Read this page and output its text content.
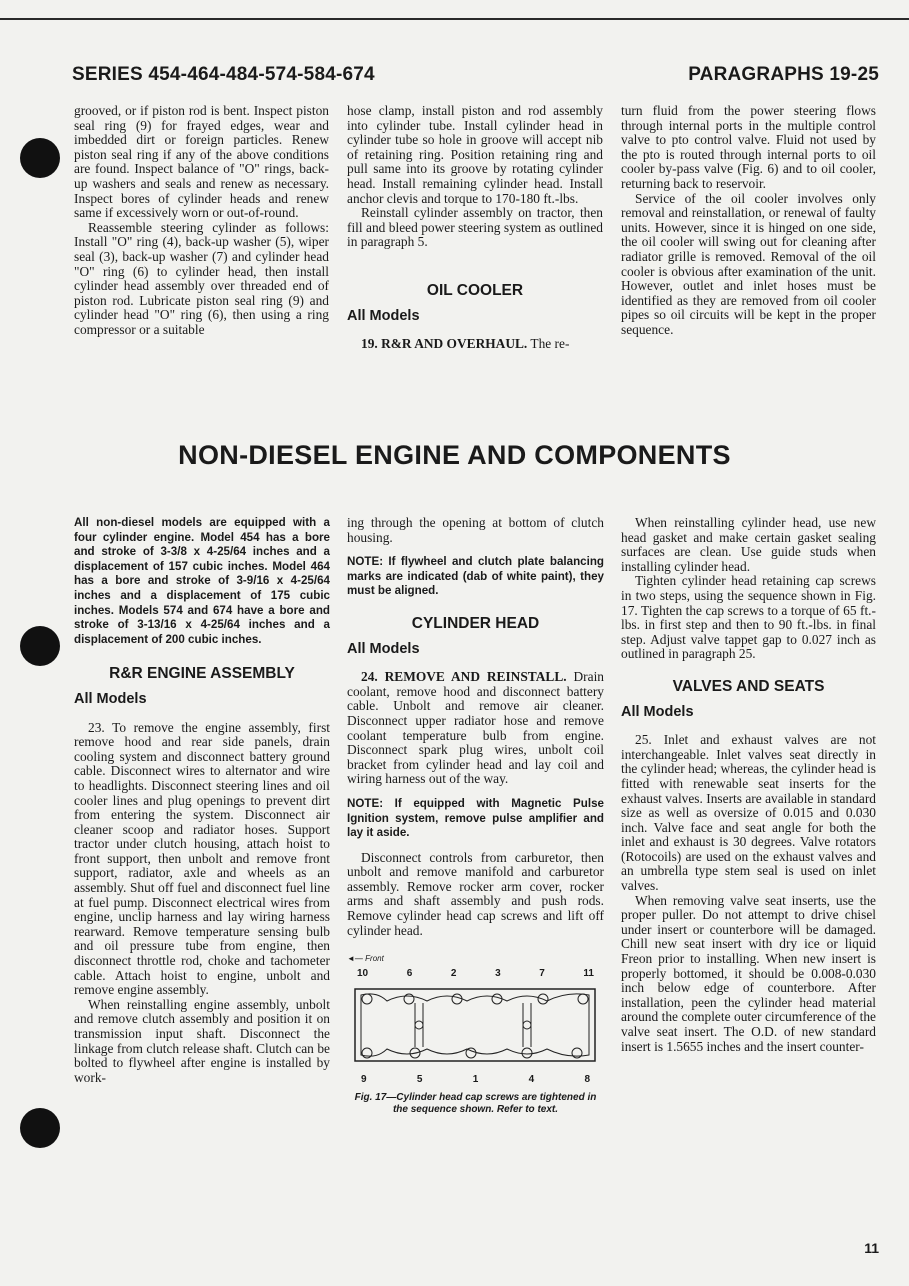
SERIES 454-464-484-574-584-674	PARAGRAPHS 19-25

grooved, or if piston rod is bent. Inspect piston seal ring (9) for frayed edges, wear and imbedded dirt or foreign particles. Renew piston seal ring if any of the above conditions are found. Inspect balance of "O" rings, back-up washers and seals and renew as necessary. Inspect bores of cylinder heads and renew same if excessively worn or out-of-round.

Reassemble steering cylinder as follows: Install "O" ring (4), back-up washer (5), wiper seal (3), back-up washer (7) and cylinder head "O" ring (6) to cylinder head, then install cylinder head assembly over threaded end of piston rod. Lubricate piston seal ring (9) and cylinder head "O" ring (6), then using a ring compressor or a suitable

hose clamp, install piston and rod assembly into cylinder tube. Install cylinder head in cylinder tube so hole in groove will accept nib of retaining ring. Position retaining ring and pull same into its groove by rotating cylinder head. Install remaining cylinder head. Install anchor clevis and torque to 170-180 ft.-lbs.

Reinstall cylinder assembly on tractor, then fill and bleed power steering system as outlined in paragraph 5.

OIL COOLER
All Models

19. R&R AND OVERHAUL. The re-

turn fluid from the power steering flows through internal ports in the multiple control valve to pto control valve. Fluid not used by the pto is routed through internal ports to oil cooler by-pass valve (Fig. 6) and to oil cooler, returning back to reservoir.

Service of the oil cooler involves only removal and reinstallation, or renewal of faulty units. However, since it is hinged on one side, the oil cooler will swing out for cleaning after radiator grille is removed. Removal of the oil cooler is obvious after examination of the unit. However, outlet and inlet hoses must be identified as they are removed from oil cooler pipes so oil circuits will be kept in the proper sequence.

NON-DIESEL ENGINE AND COMPONENTS
All non-diesel models are equipped with a four cylinder engine. Model 454 has a bore and stroke of 3-3/8 x 4-25/64 inches and a displacement of 157 cubic inches. Model 464 has a bore and stroke of 3-9/16 x 4-25/64 inches and a displacement of 175 cubic inches. Models 574 and 674 have a bore and stroke of 3-13/16 x 4-25/64 inches and a displacement of 200 cubic inches.
R&R ENGINE ASSEMBLY
All Models

23. To remove the engine assembly, first remove hood and rear side panels, drain cooling system and disconnect battery ground cable. Disconnect wires to alternator and wire to headlights. Disconnect steering lines and oil cooler lines and plug openings to prevent dirt from entering the system. Disconnect air cleaner scoop and radiator hoses. Support tractor under clutch housing, attach hoist to front support, then unbolt and remove front support, radiator, axle and wheels as an assembly. Shut off fuel and disconnect fuel line at fuel pump. Disconnect electrical wires from engine, unclip harness and lay wiring harness rearward. Remove temperature sensing bulb and oil pressure tube from engine, then disconnect throttle rod, choke and tachometer cable. Attach hoist to engine, unbolt and remove engine assembly.

When reinstalling engine assembly, unbolt and remove clutch assembly and position it on transmission input shaft. Disconnect the linkage from clutch release shaft. Clutch can be bolted to flywheel after engine is installed by work-

ing through the opening at bottom of clutch housing.

NOTE: If flywheel and clutch plate balancing marks are indicated (dab of white paint), they must be aligned.
CYLINDER HEAD
All Models

24. REMOVE AND REINSTALL. Drain coolant, remove hood and disconnect battery cable. Unbolt and remove air cleaner. Disconnect upper radiator hose and remove coolant temperature bulb from engine. Disconnect spark plug wires, unbolt coil bracket from cylinder head and lay coil and wiring harness out of the way.

NOTE: If equipped with Magnetic Pulse Ignition system, remove pulse amplifier and lay it aside.

Disconnect controls from carburetor, then unbolt and remove manifold and carburetor assembly. Remove rocker arm cover, rocker arms and shaft assembly and push rods. Remove cylinder head cap screws and lift off cylinder head.

◄— Front
10	6	2	3	7	11
9	5	1	4	8
Fig. 17—Cylinder head cap screws are tightened in the sequence shown. Refer to text.

When reinstalling cylinder head, use new head gasket and make certain gasket sealing surfaces are clean. Use guide studs when installing cylinder head.

Tighten cylinder head retaining cap screws in two steps, using the sequence shown in Fig. 17. Tighten the cap screws to a torque of 65 ft.-lbs. in first step and then to 90 ft.-lbs. in final step. Adjust valve tappet gap to 0.027 inch as outlined in paragraph 25.

VALVES AND SEATS
All Models

25. Inlet and exhaust valves are not interchangeable. Inlet valves seat directly in the cylinder head; whereas, the cylinder head is fitted with renewable seat inserts for the exhaust valves. Inserts are available in standard size as well as oversize of 0.015 and 0.030 inch. Valve face and seat angle for both the inlet and exhaust is 30 degrees. Valve rotators (Rotocoils) are used on the exhaust valves and an umbrella type stem seal is used on inlet valves.

When removing valve seat inserts, use the proper puller. Do not attempt to drive chisel under insert or counterbore will be damaged. Chill new seat insert with dry ice or liquid Freon prior to installing. When new insert is properly bottomed, it should be 0.008-0.030 inch below edge of counterbore. After installation, peen the cylinder head material around the complete outer circumference of the valve seat insert. The O.D. of new standard insert is 1.5655 inches and the insert counter-

11
